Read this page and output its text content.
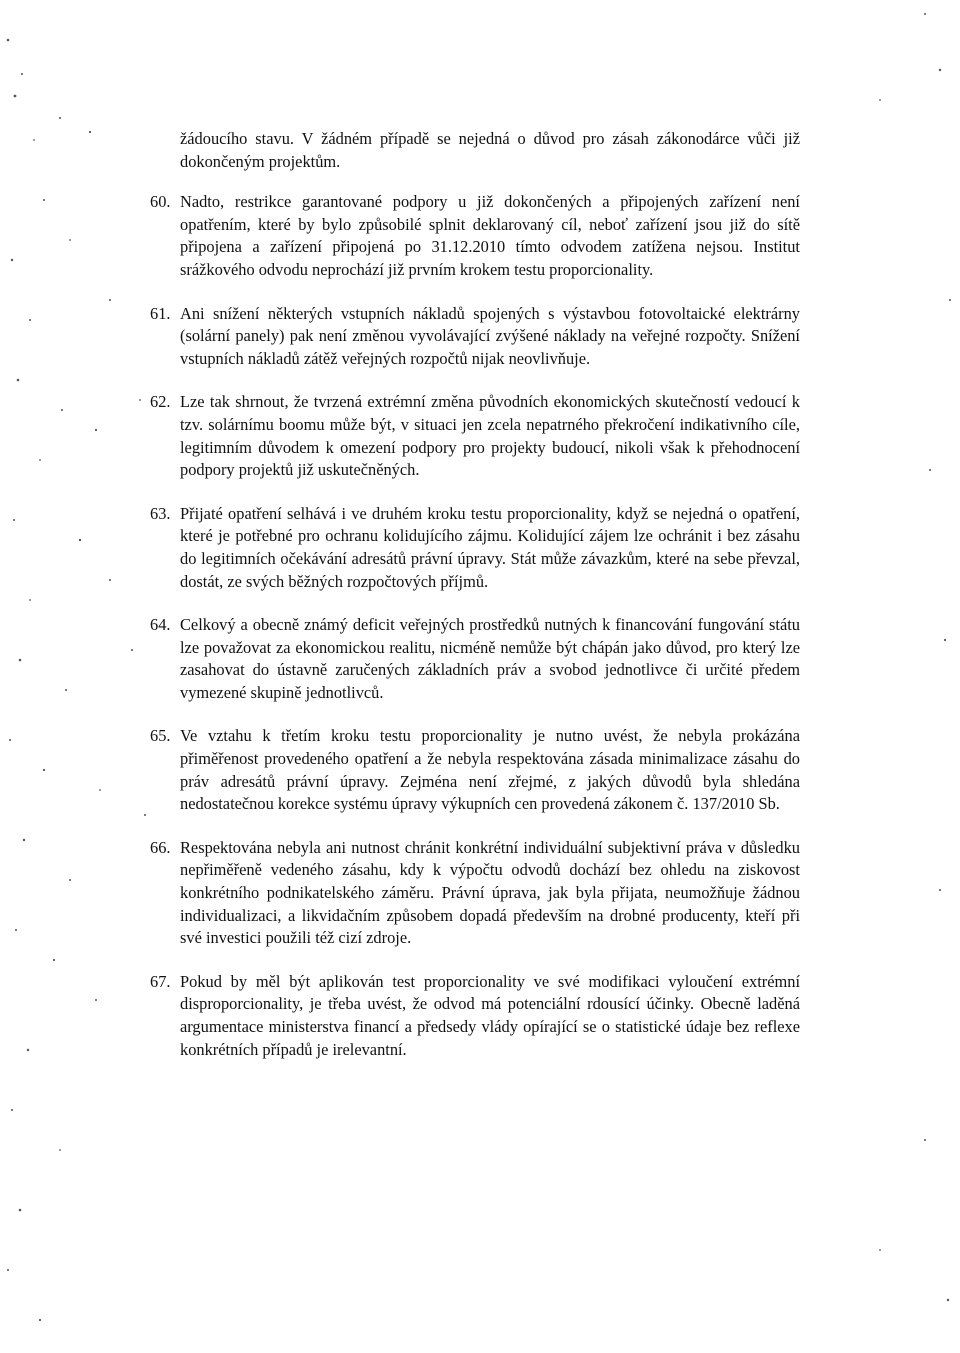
žádoucího stavu. V žádném případě se nejedná o důvod pro zásah zákonodárce vůči již dokončeným projektům.
60. Nadto, restrikce garantované podpory u již dokončených a připojených zařízení není opatřením, které by bylo způsobilé splnit deklarovaný cíl, neboť zařízení jsou již do sítě připojena a zařízení připojená po 31.12.2010 tímto odvodem zatížena nejsou. Institut srážkového odvodu neprochází již prvním krokem testu proporcionality.
61. Ani snížení některých vstupních nákladů spojených s výstavbou fotovoltaické elektrárny (solární panely) pak není změnou vyvolávající zvýšené náklady na veřejné rozpočty. Snížení vstupních nákladů zátěž veřejných rozpočtů nijak neovlivňuje.
62. Lze tak shrnout, že tvrzená extrémní změna původních ekonomických skutečností vedoucí k tzv. solárnímu boomu může být, v situaci jen zcela nepatrného překročení indikativního cíle, legitimním důvodem k omezení podpory pro projekty budoucí, nikoli však k přehodnocení podpory projektů již uskutečněných.
63. Přijaté opatření selhává i ve druhém kroku testu proporcionality, když se nejedná o opatření, které je potřebné pro ochranu kolidujícího zájmu. Kolidující zájem lze ochránit i bez zásahu do legitimních očekávání adresátů právní úpravy. Stát může závazkům, které na sebe převzal, dostát, ze svých běžných rozpočtových příjmů.
64. Celkový a obecně známý deficit veřejných prostředků nutných k financování fungování státu lze považovat za ekonomickou realitu, nicméně nemůže být chápán jako důvod, pro který lze zasahovat do ústavně zaručených základních práv a svobod jednotlivce či určité předem vymezené skupině jednotlivců.
65. Ve vztahu k třetím kroku testu proporcionality je nutno uvést, že nebyla prokázána přiměřenost provedeného opatření a že nebyla respektována zásada minimalizace zásahu do práv adresátů právní úpravy. Zejména není zřejmé, z jakých důvodů byla shledána nedostatečnou korekce systému úpravy výkupních cen provedená zákonem č. 137/2010 Sb.
66. Respektována nebyla ani nutnost chránit konkrétní individuální subjektivní práva v důsledku nepřiměřeně vedeného zásahu, kdy k výpočtu odvodů dochází bez ohledu na ziskovost konkrétního podnikatelského záměru. Právní úprava, jak byla přijata, neumožňuje žádnou individualizaci, a likvidačním způsobem dopadá především na drobné producenty, kteří při své investici použili též cizí zdroje.
67. Pokud by měl být aplikován test proporcionality ve své modifikaci vyloučení extrémní disproporcionality, je třeba uvést, že odvod má potenciální rdousící účinky. Obecně laděná argumentace ministerstva financí a předsedy vlády opírající se o statistické údaje bez reflexe konkrétních případů je irelevantní.
